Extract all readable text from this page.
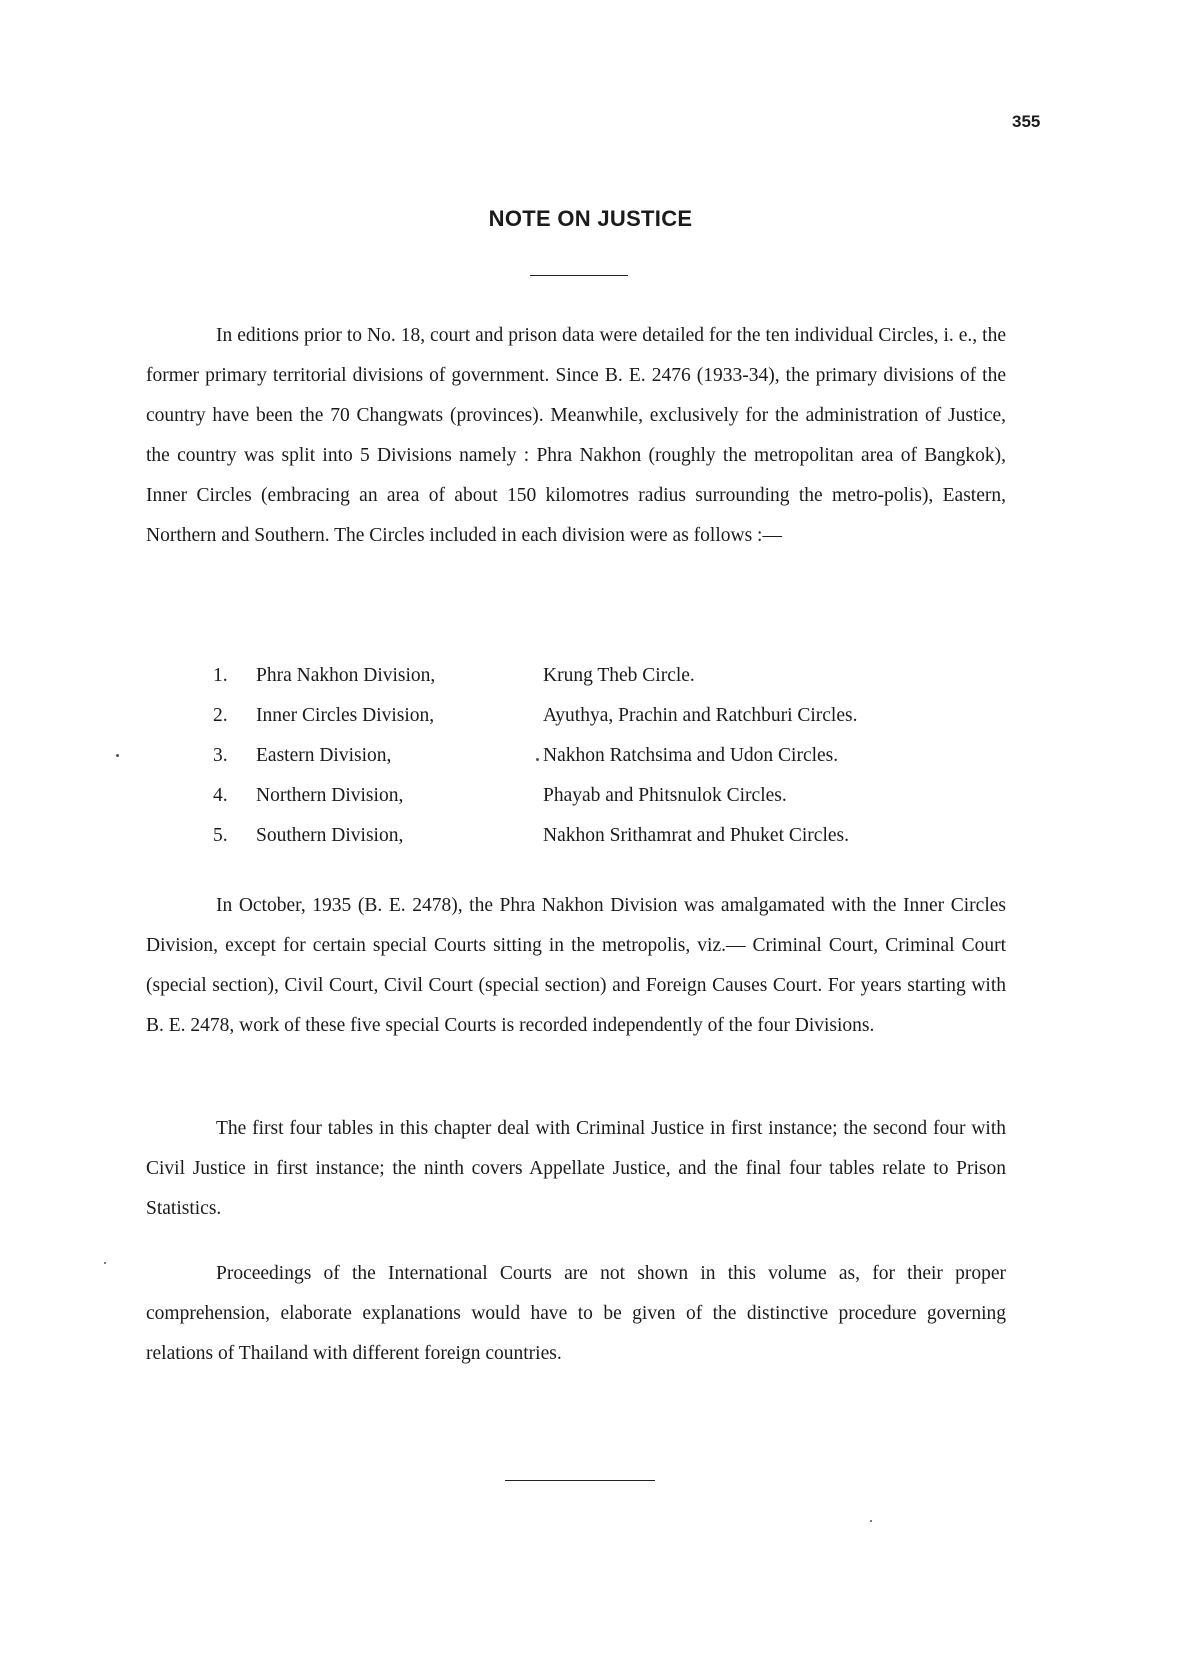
355
NOTE ON JUSTICE

In editions prior to No. 18, court and prison data were detailed for the ten individual Circles, i. e., the former primary territorial divisions of government. Since B. E. 2476 (1933-34), the primary divisions of the country have been the 70 Changwats (provinces). Meanwhile, exclusively for the administration of Justice, the country was split into 5 Divisions namely : Phra Nakhon (roughly the metropolitan area of Bangkok), Inner Circles (embracing an area of about 150 kilomotres radius surrounding the metro-polis), Eastern, Northern and Southern. The Circles included in each division were as follows :—

1.	Phra Nakhon Division,	Krung Theb Circle.
2.	Inner Circles Division,	Ayuthya, Prachin and Ratchburi Circles.
3.	Eastern Division,	Nakhon Ratchsima and Udon Circles.
4.	Northern Division,	Phayab and Phitsnulok Circles.
5.	Southern Division,	Nakhon Srithamrat and Phuket Circles.

In October, 1935 (B. E. 2478), the Phra Nakhon Division was amalgamated with the Inner Circles Division, except for certain special Courts sitting in the metropolis, viz.— Criminal Court, Criminal Court (special section), Civil Court, Civil Court (special section) and Foreign Causes Court. For years starting with B. E. 2478, work of these five special Courts is recorded independently of the four Divisions.

The first four tables in this chapter deal with Criminal Justice in first instance; the second four with Civil Justice in first instance; the ninth covers Appellate Justice, and the final four tables relate to Prison Statistics.

Proceedings of the International Courts are not shown in this volume as, for their proper comprehension, elaborate explanations would have to be given of the distinctive procedure governing relations of Thailand with different foreign countries.
